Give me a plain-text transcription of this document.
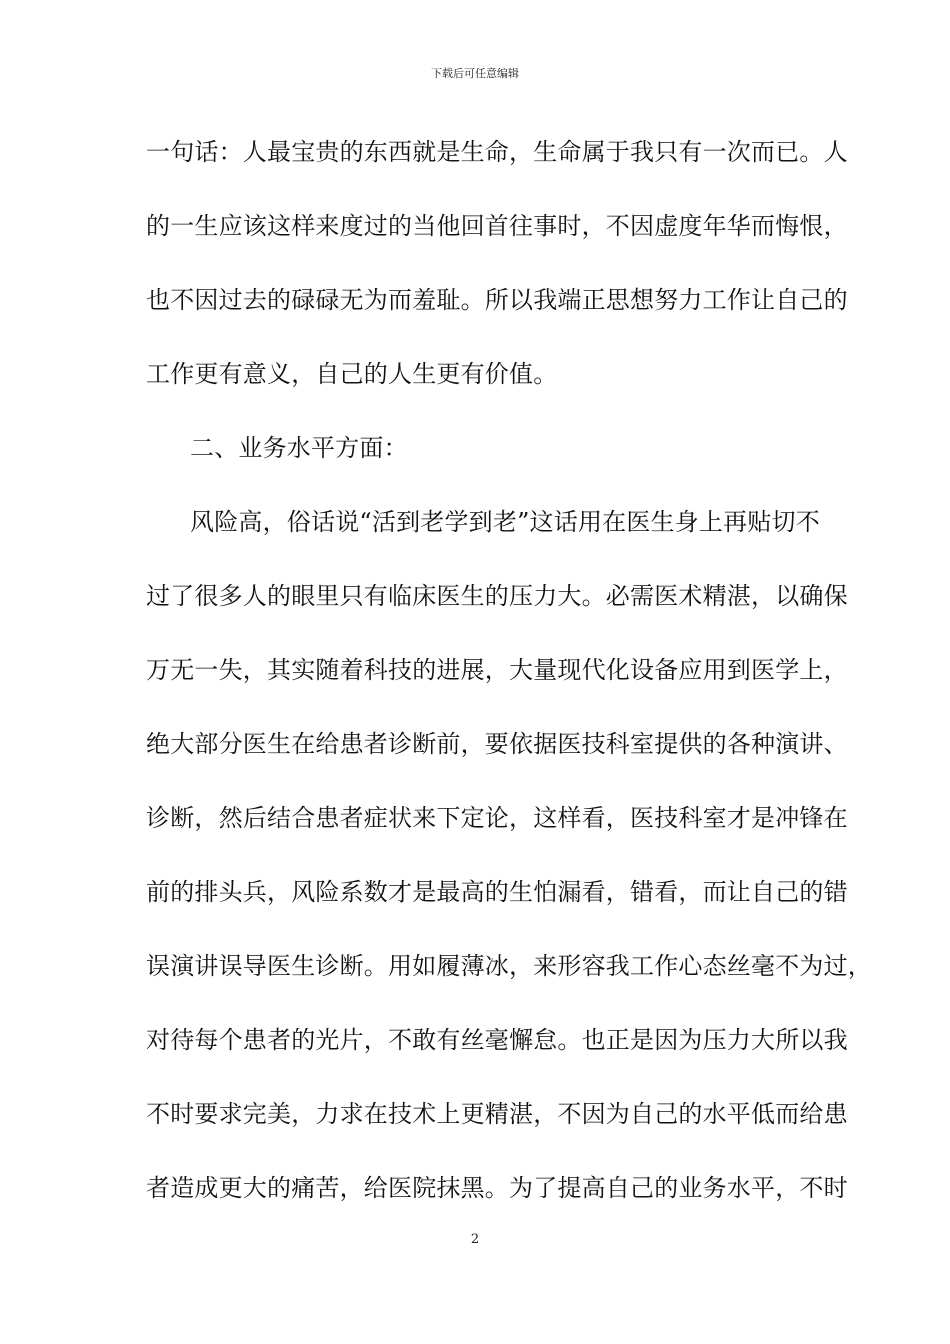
下载后可任意编辑
一句话：人最宝贵的东西就是生命，生命属于我只有一次而已。人
的一生应该这样来度过的当他回首往事时，不因虚度年华而悔恨，
也不因过去的碌碌无为而羞耻。所以我端正思想努力工作让自己的
工作更有意义，自己的人生更有价值。
二、业务水平方面：
风险高，俗话说“活到老学到老”这话用在医生身上再贴切不
过了很多人的眼里只有临床医生的压力大。必需医术精湛，以确保
万无一失，其实随着科技的进展，大量现代化设备应用到医学上，
绝大部分医生在给患者诊断前，要依据医技科室提供的各种演讲、
诊断，然后结合患者症状来下定论，这样看，医技科室才是冲锋在
前的排头兵，风险系数才是最高的生怕漏看，错看，而让自己的错
误演讲误导医生诊断。用如履薄冰，来形容我工作心态丝毫不为过，
对待每个患者的光片，不敢有丝毫懈怠。也正是因为压力大所以我
不时要求完美，力求在技术上更精湛，不因为自己的水平低而给患
者造成更大的痛苦，给医院抹黑。为了提高自己的业务水平，不时
2
